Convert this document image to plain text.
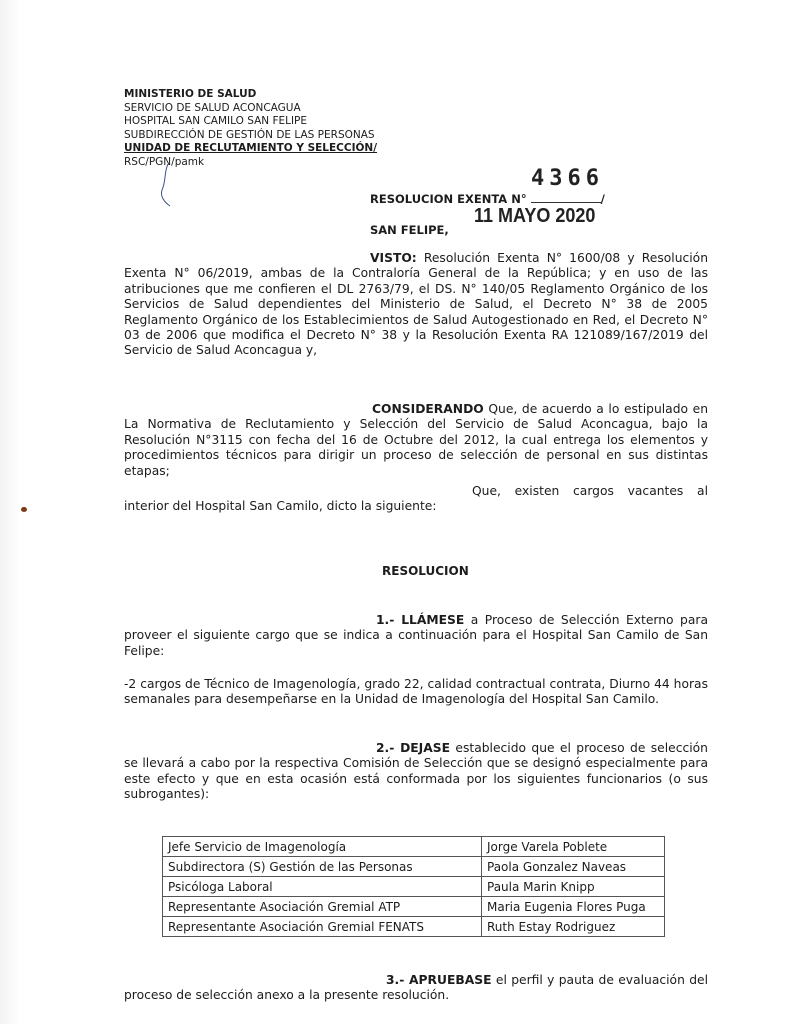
MINISTERIO DE SALUD
SERVICIO DE SALUD ACONCAGUA
HOSPITAL SAN CAMILO SAN FELIPE
SUBDIRECCIÓN DE GESTIÓN DE LAS PERSONAS
UNIDAD DE RECLUTAMIENTO Y SELECCIÓN/
RSC/PGN/pamk
4366
RESOLUCION EXENTA N°	/
11 MAYO 2020
SAN FELIPE,
VISTO: Resolución Exenta N° 1600/08 y Resolución Exenta N° 06/2019, ambas de la Contraloría General de la República; y en uso de las atribuciones que me confieren el DL 2763/79, el DS. N° 140/05 Reglamento Orgánico de los Servicios de Salud dependientes del Ministerio de Salud, el Decreto N° 38 de 2005 Reglamento Orgánico de los Establecimientos de Salud Autogestionado en Red, el Decreto N° 03 de 2006 que modifica el Decreto N° 38 y la Resolución Exenta RA 121089/167/2019 del Servicio de Salud Aconcagua y,
CONSIDERANDO Que, de acuerdo a lo estipulado en La Normativa de Reclutamiento y Selección del Servicio de Salud Aconcagua, bajo la Resolución N°3115 con fecha del 16 de Octubre del 2012, la cual entrega los elementos y procedimientos técnicos para dirigir un proceso de selección de personal en sus distintas etapas;
Que, existen cargos vacantes al interior del Hospital San Camilo, dicto la siguiente:
RESOLUCION
1.- LLÁMESE a Proceso de Selección Externo para proveer el siguiente cargo que se indica a continuación para el Hospital San Camilo de San Felipe:
-2 cargos de Técnico de Imagenología, grado 22, calidad contractual contrata, Diurno 44 horas semanales para desempeñarse en la Unidad de Imagenología del Hospital San Camilo.
2.- DEJASE establecido que el proceso de selección se llevará a cabo por la respectiva Comisión de Selección que se designó especialmente para este efecto y que en esta ocasión está conformada por los siguientes funcionarios (o sus subrogantes):
Jefe Servicio de Imagenología	Jorge Varela Poblete
Subdirectora (S) Gestión de las Personas	Paola Gonzalez Naveas
Psicóloga Laboral	Paula Marin Knipp
Representante Asociación Gremial ATP	Maria Eugenia Flores Puga
Representante Asociación Gremial FENATS	Ruth Estay Rodriguez
3.- APRUEBASE el perfil y pauta de evaluación del proceso de selección anexo a la presente resolución.
